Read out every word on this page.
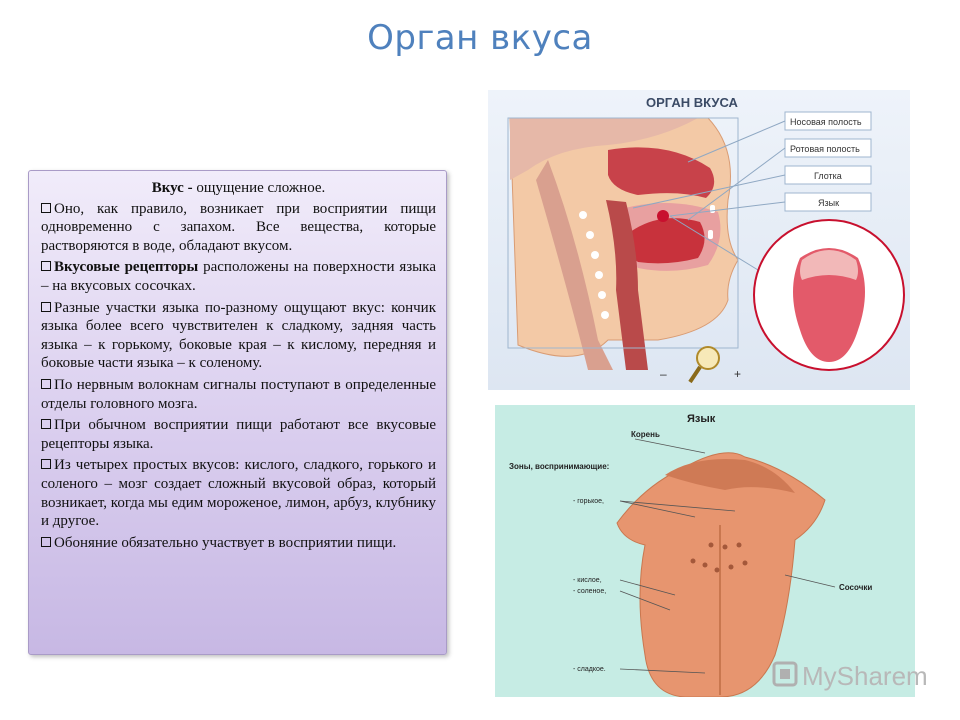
Орган вкуса

Вкус - ощущение сложное.

Оно, как правило, возникает при восприятии пищи одновременно с запахом. Все вещества, которые растворяются в воде, обладают вкусом.

Вкусовые рецепторы расположены на поверхности языка – на вкусовых сосочках.

Разные участки языка по-разному ощущают вкус: кончик языка более всего чувствителен к сладкому, задняя часть языка – к горькому, боковые края – к кислому, передняя и боковые части языка – к соленому.

По нервным волокнам сигналы поступают в определенные отделы головного мозга.

При обычном восприятии пищи работают все вкусовые рецепторы языка.

Из четырех простых вкусов: кислого, сладкого, горького и соленого – мозг создает сложный вкусовой образ, который возникает, когда мы едим мороженое, лимон, арбуз, клубнику и другое.

Обоняние обязательно участвует в восприятии пищи.

ОРГАН ВКУСА
Носовая полость
Ротовая полость
Глотка
Язык
–	+
Язык
Корень
Зоны, воспринимающие:
- горькое,
- кислое,
- соленое,
- сладкое.
Сосочки
MySharem
